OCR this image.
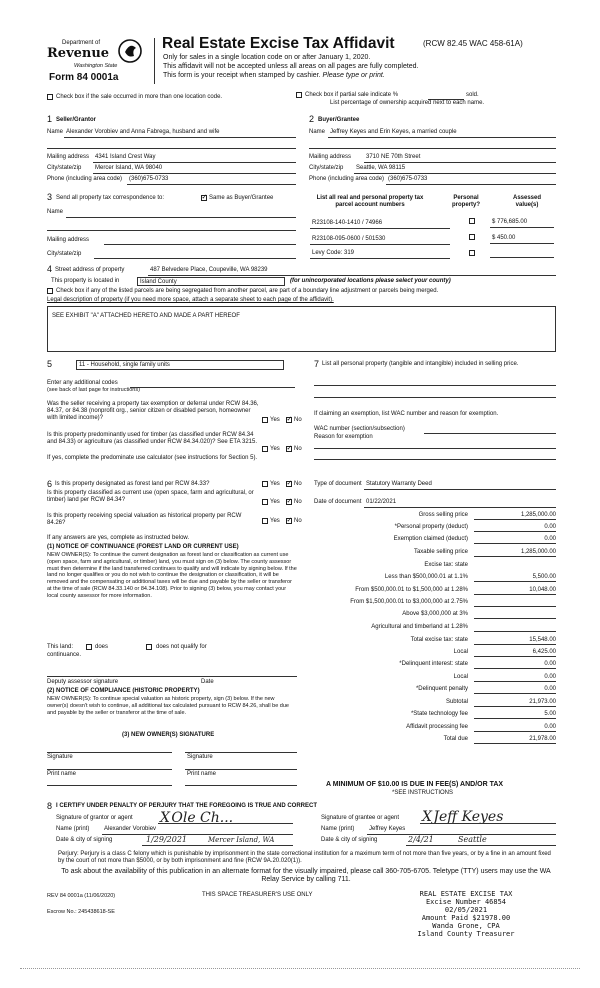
Department of
Revenue
Washington State
Form 84 0001a
Real Estate Excise Tax Affidavit	(RCW 82.45 WAC 458-61A)
Only for sales in a single location code on or after January 1, 2020.
This affidavit will not be accepted unless all areas on all pages are fully completed.
This form is your receipt when stamped by cashier. Please type or print.
Check box if the sale occurred in more than one location code.	Check box if partial sale indicate %	sold.
List percentage of ownership acquired next to each name.
1 Seller/Grantor
Name Alexander Vorobiev and Anna Fabrega, husband and wife
Mailing address 4341 Island Crest Way
City/state/zip Mercer Island, WA 98040
Phone (including area code) (360)675-0733
2 Buyer/Grantee
Name Jeffrey Keyes and Erin Keyes, a married couple
Mailing address 3710 NE 70th Street
City/state/zip Seattle, WA 98115
Phone (including area code) (360)675-0733
3 Send all property tax correspondence to: ✓	Same as Buyer/Grantee
Name
Mailing address
City/state/zip
List all real and personal property tax parcel account numbers
Personal property?
Assessed value(s)
R23108-140-1410 / 74966	$ 776,685.00
R23108-095-0600 / 501530	$ 450.00
Levy Code: 319
4 Street address of property	487 Belvedere Place, Coupeville, WA 98239
This property is located in	Island County	(for unincorporated locations please select your county)
Check box if any of the listed parcels are being segregated from another parcel, are part of a boundary line adjustment or parcels being merged.
Legal description of property (if you need more space, attach a separate sheet to each page of the affidavit).
SEE EXHIBIT "A" ATTACHED HERETO AND MADE A PART HEREOF
5	11 - Household, single family units
Enter any additional codes
(see back of last page for instructions)
Was the seller receiving a property tax exemption or deferral under RCW 84.36, 84.37, or 84.38 (nonprofit org., senior citizen or disabled person, homeowner with limited income)?	Yes ✓ No
Is this property predominantly used for timber (as classified under RCW 84.34 and 84.33) or agriculture (as classified under RCW 84.34.020)? See ETA 3215.
Yes ✓ No
If yes, complete the predominate use calculator (see instructions for Section 5).
7 List all personal property (tangible and intangible) included in selling price.
If claiming an exemption, list WAC number and reason for exemption.
WAC number (section/subsection)
Reason for exemption
Type of document Statutory Warranty Deed
Date of document 01/22/2021
Gross selling price	1,285,000.00
*Personal property (deduct)	0.00
Exemption claimed (deduct)	0.00
Taxable selling price	1,285,000.00
Excise tax: state
Less than $500,000.01 at 1.1%	5,500.00
From $500,000.01 to $1,500,000 at 1.28%	10,048.00
From $1,500,000.01 to $3,000,000 at 2.75%
Above $3,000,000 at 3%
Agricultural and timberland at 1.28%
Total excise tax: state	15,548.00
Local	6,425.00
*Delinquent interest: state	0.00
Local	0.00
*Delinquent penalty	0.00
Subtotal	21,973.00
*State technology fee	5.00
Affidavit processing fee	0.00
Total due	21,978.00
A MINIMUM OF $10.00 IS DUE IN FEE(S) AND/OR TAX
*SEE INSTRUCTIONS
6 Is this property designated as forest land per RCW 84.33?	Yes ✓ No
Is this property classified as current use (open space, farm and agricultural, or timber) land per RCW 84.34?	Yes ✓ No
Is this property receiving special valuation as historical property per RCW 84.26?	Yes ✓ No
If any answers are yes, complete as instructed below.
(1) NOTICE OF CONTINUANCE (FOREST LAND OR CURRENT USE)
NEW OWNER(S): To continue the current designation as forest land or classification as current use (open space, farm and agricultural, or timber) land, you must sign on (3) below. The county assessor must then determine if the land transferred continues to qualify and will indicate by signing below. If the land no longer qualifies or you do not wish to continue the designation or classification, it will be removed and the compensating or additional taxes will be due and payable by the seller or transferor at the time of sale (RCW 84.33.140 or 84.34.108). Prior to signing (3) below, you may contact your local county assessor for more information.
This land:	does	does not qualify for
continuance.
Deputy assessor signature	Date
(2) NOTICE OF COMPLIANCE (HISTORIC PROPERTY)
NEW OWNER(S): To continue special valuation as historic property, sign (3) below. If the new owner(s) doesn't wish to continue, all additional tax calculated pursuant to RCW 84.26, shall be due and payable by the seller or transferor at the time of sale.
(3) NEW OWNER(S) SIGNATURE
Signature	Signature
Print name	Print name
8 I CERTIFY UNDER PENALTY OF PERJURY THAT THE FOREGOING IS TRUE AND CORRECT
Signature of grantor or agent X Ole Ch...
Name (print) Alexander Vorobiev
Date & city of signing	1/29/2021	Mercer Island, WA
Signature of grantee or agent X Jeff Keyes
Name (print) Jeffrey Keyes
Date & city of signing	2/4/21	Seattle
Perjury: Perjury is a class C felony which is punishable by imprisonment in the state correctional institution for a maximum term of not more than five years, or by a fine in an amount fixed by the court of not more than $5000, or by both imprisonment and fine (RCW 9A.20.020(1)).
To ask about the availability of this publication in an alternate format for the visually impaired, please call 360-705-6705. Teletype (TTY) users may use the WA Relay Service by calling 711.
REV 84 0001a (11/06/2020)	THIS SPACE TREASURER'S USE ONLY
Escrow No.: 245438618-SE
REAL ESTATE EXCISE TAX
Excise Number 46854
02/05/2021
Amount Paid $21978.00
Wanda Grone, CPA
Island County Treasurer
